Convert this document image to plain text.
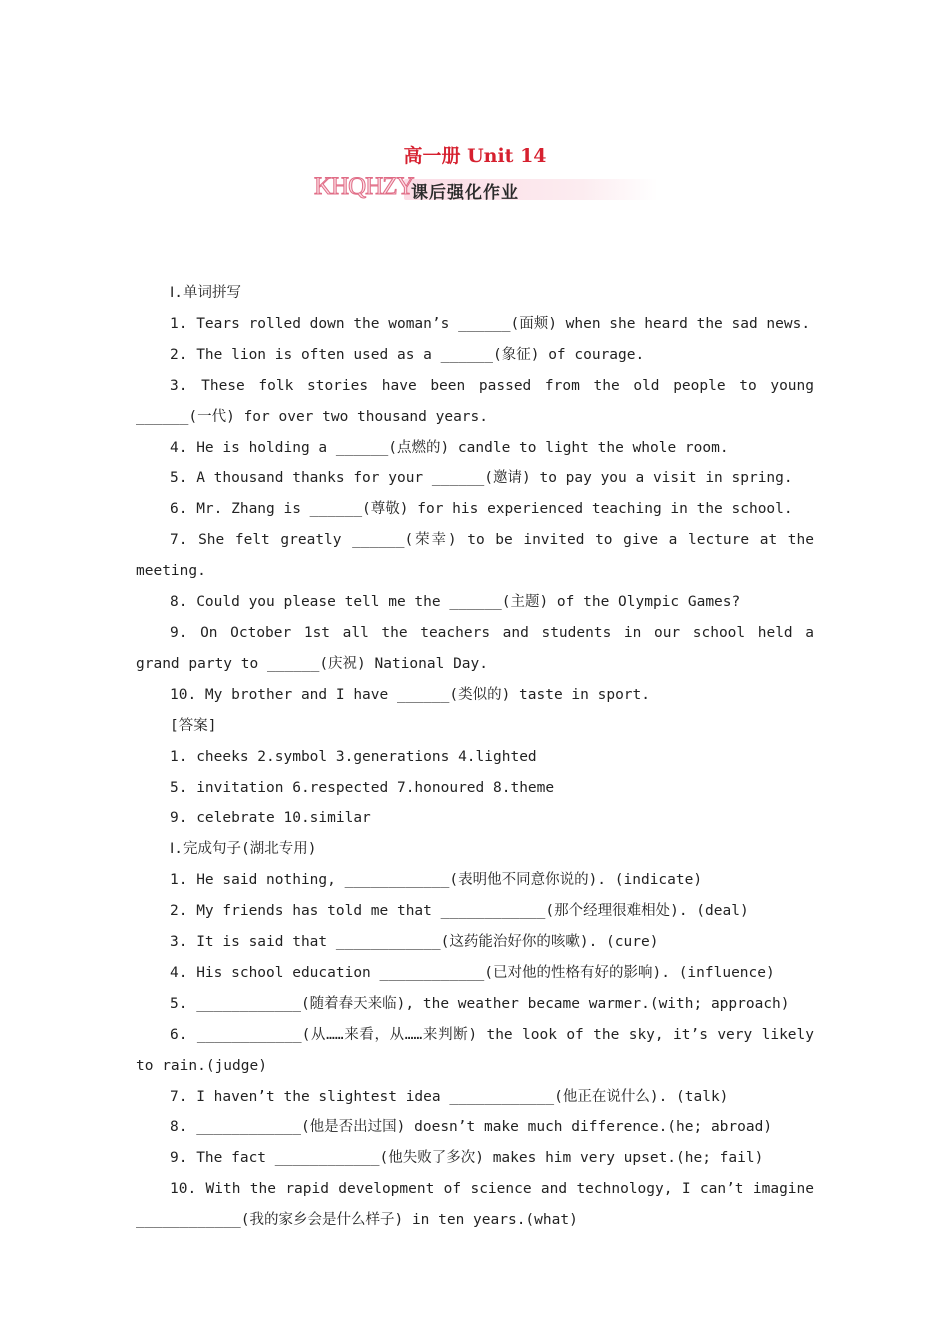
高一册 Unit 14
KHQHZY
课后强化作业

Ⅰ.单词拼写

1. Tears rolled down the woman’s ______(面颊) when she heard the sad news.

2. The lion is often used as a ______(象征) of courage.

3. These folk stories have been passed from the old people to young ______(一代) for over two thousand years.

4. He is holding a ______(点燃的) candle to light the whole room.

5. A thousand thanks for your ______(邀请) to pay you a visit in spring.

6. Mr. Zhang is ______(尊敬) for his experienced teaching in the school.

7. She felt greatly ______(荣幸) to be invited to give a lecture at the meeting.

8. Could you please tell me the ______(主题) of the Olympic Games?

9. On October 1st all the teachers and students in our school held a grand party to ______(庆祝) National Day.

10. My brother and I have ______(类似的) taste in sport.

[答案]

1. cheeks 2.symbol 3.generations 4.lighted

5. invitation 6.respected 7.honoured 8.theme

9. celebrate 10.similar

Ⅰ.完成句子(湖北专用)

1. He said nothing, ____________(表明他不同意你说的). (indicate)

2. My friends has told me that ____________(那个经理很难相处). (deal)

3. It is said that ____________(这药能治好你的咳嗽). (cure)

4. His school education ____________(已对他的性格有好的影响). (influence)

5. ____________(随着春天来临), the weather became warmer.(with; approach)

6. ____________(从……来看，从……来判断) the look of the sky, it’s very likely to rain.(judge)

7. I haven’t the slightest idea ____________(他正在说什么). (talk)

8. ____________(他是否出过国) doesn’t make much difference.(he; abroad)

9. The fact ____________(他失败了多次) makes him very upset.(he; fail)

10. With the rapid development of science and technology, I can’t imagine ____________(我的家乡会是什么样子) in ten years.(what)
